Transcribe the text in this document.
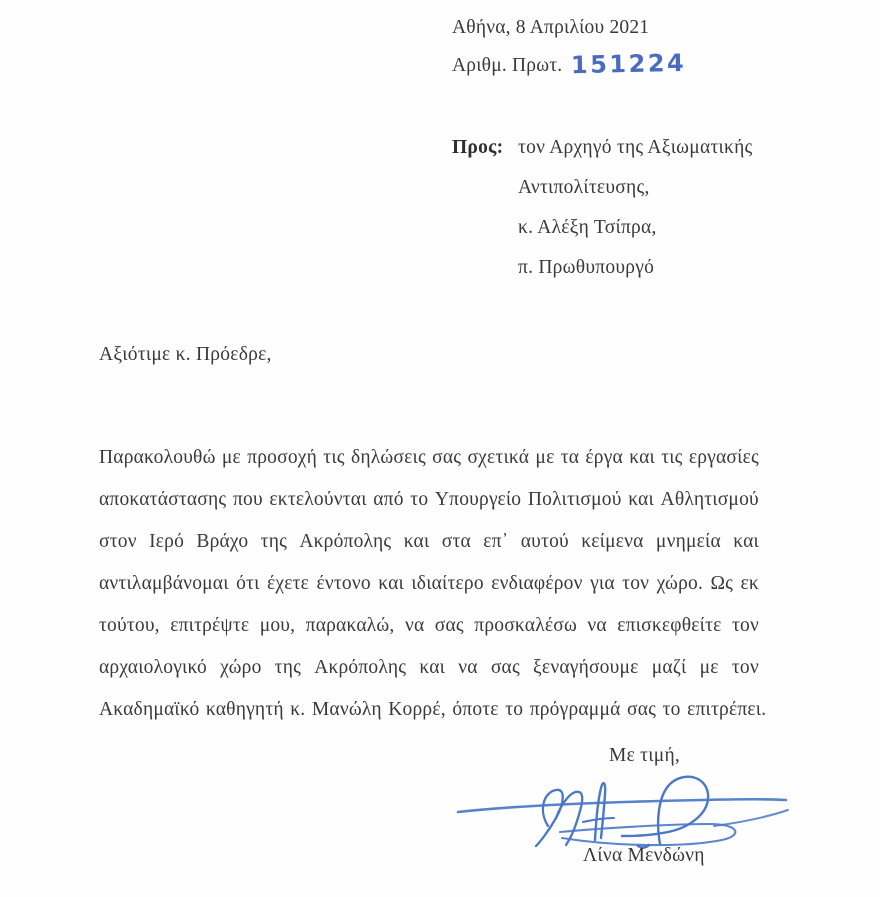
Αθήνα, 8 Απριλίου 2021
Αριθμ. Πρωτ. 151224
Προς: τον Αρχηγό της Αξιωματικής
Αντιπολίτευσης,
κ. Αλέξη Τσίπρα,
π. Πρωθυπουργό
Αξιότιμε κ. Πρόεδρε,
Παρακολουθώ με προσοχή τις δηλώσεις σας σχετικά με τα έργα και τις εργασίες
αποκατάστασης που εκτελούνται από το Υπουργείο Πολιτισμού και Αθλητισμού
στον Ιερό Βράχο της Ακρόπολης και στα επ᾽ αυτού κείμενα μνημεία και
αντιλαμβάνομαι ότι έχετε έντονο και ιδιαίτερο ενδιαφέρον για τον χώρο. Ως εκ
τούτου, επιτρέψτε μου, παρακαλώ, να σας προσκαλέσω να επισκεφθείτε τον
αρχαιολογικό χώρο της Ακρόπολης και να σας ξεναγήσουμε μαζί με τον
Ακαδημαϊκό καθηγητή κ. Μανώλη Κορρέ, όποτε το πρόγραμμά σας το επιτρέπει.
Με τιμή,
Λίνα Μενδώνη
